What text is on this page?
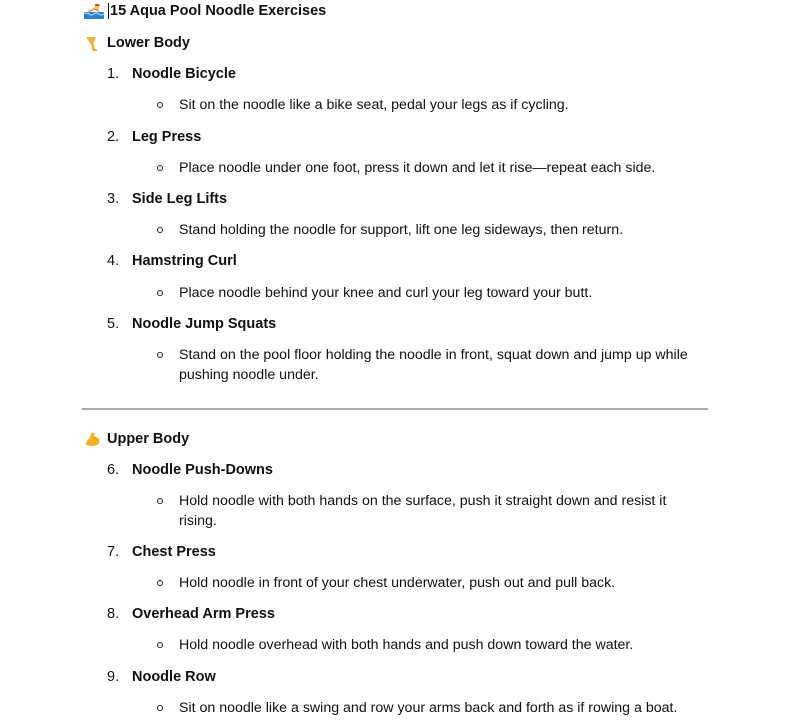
15 Aqua Pool Noodle Exercises
Lower Body
1. Noodle Bicycle
Sit on the noodle like a bike seat, pedal your legs as if cycling.
2. Leg Press
Place noodle under one foot, press it down and let it rise—repeat each side.
3. Side Leg Lifts
Stand holding the noodle for support, lift one leg sideways, then return.
4. Hamstring Curl
Place noodle behind your knee and curl your leg toward your butt.
5. Noodle Jump Squats
Stand on the pool floor holding the noodle in front, squat down and jump up while pushing noodle under.
Upper Body
6. Noodle Push-Downs
Hold noodle with both hands on the surface, push it straight down and resist it rising.
7. Chest Press
Hold noodle in front of your chest underwater, push out and pull back.
8. Overhead Arm Press
Hold noodle overhead with both hands and push down toward the water.
9. Noodle Row
Sit on noodle like a swing and row your arms back and forth as if rowing a boat.
